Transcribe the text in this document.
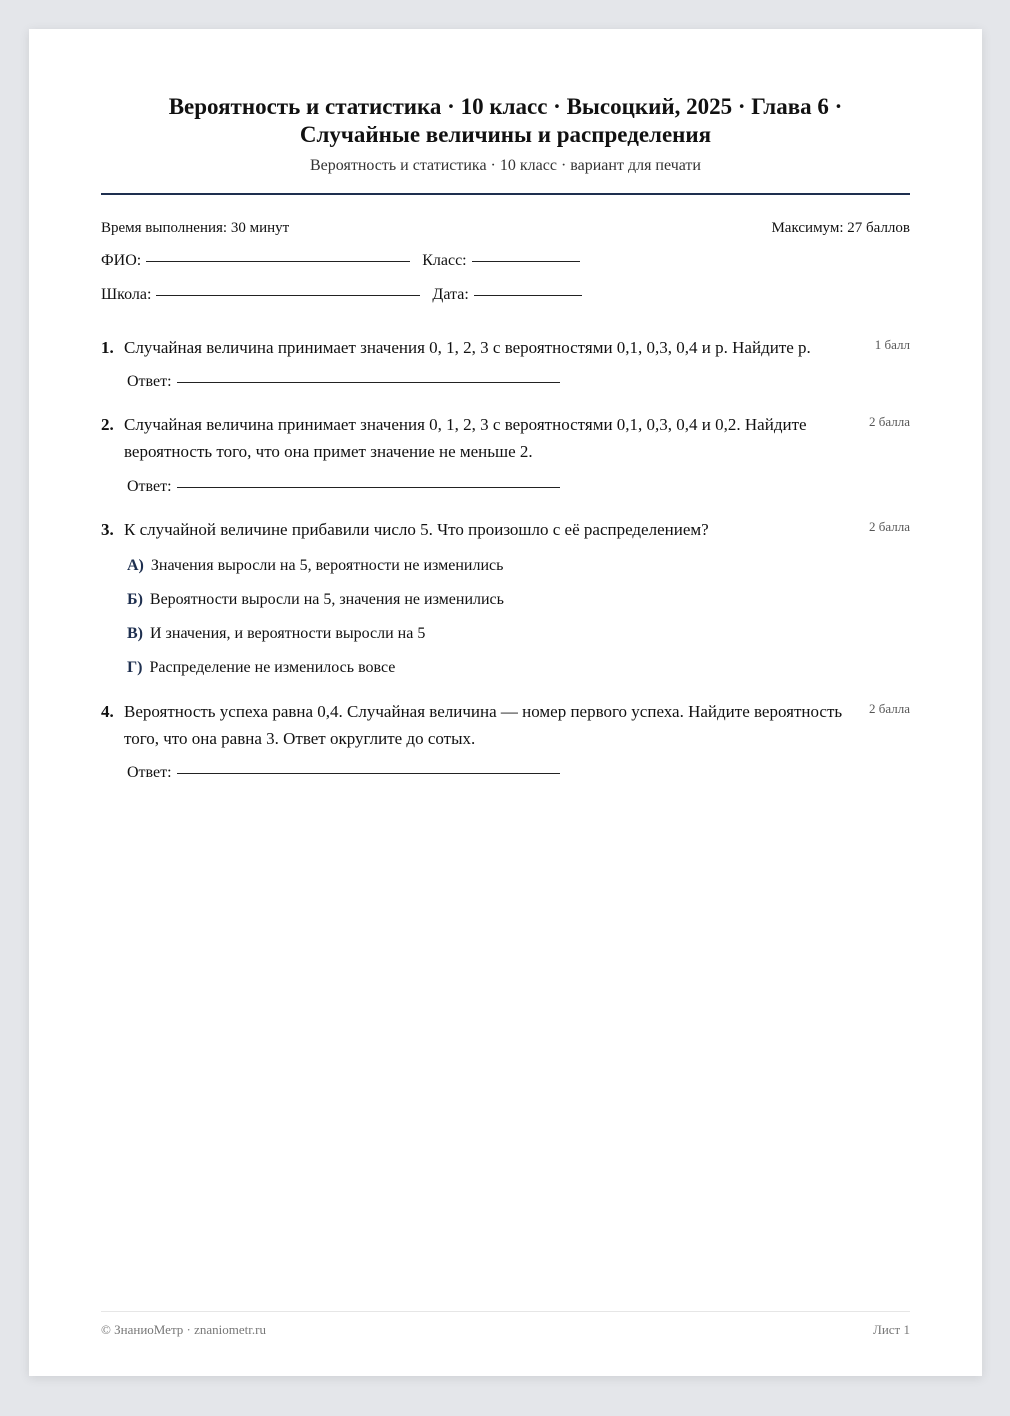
Вероятность и статистика · 10 класс · Высоцкий, 2025 · Глава 6 ·
Случайные величины и распределения
Вероятность и статистика · 10 класс · вариант для печати
Время выполнения: 30 минут	Максимум: 27 баллов
ФИО:	Класс:
Школа:	Дата:
1. Случайная величина принимает значения 0, 1, 2, 3 с вероятностями 0,1, 0,3, 0,4 и p. Найдите p.	1 балл
Ответ:
2. Случайная величина принимает значения 0, 1, 2, 3 с вероятностями 0,1, 0,3, 0,4 и 0,2. Найдите вероятность того, что она примет значение не меньше 2.
2 балла
Ответ:
3. К случайной величине прибавили число 5. Что произошло с её распределением?	2 балла
А) Значения выросли на 5, вероятности не изменились
Б) Вероятности выросли на 5, значения не изменились
В) И значения, и вероятности выросли на 5
Г) Распределение не изменилось вовсе
4. Вероятность успеха равна 0,4. Случайная величина — номер первого успеха. Найдите вероятность того, что она равна 3. Ответ округлите до сотых.
2 балла
Ответ:
© ЗнаниоМетр · znaniometr.ru	Лист 1
